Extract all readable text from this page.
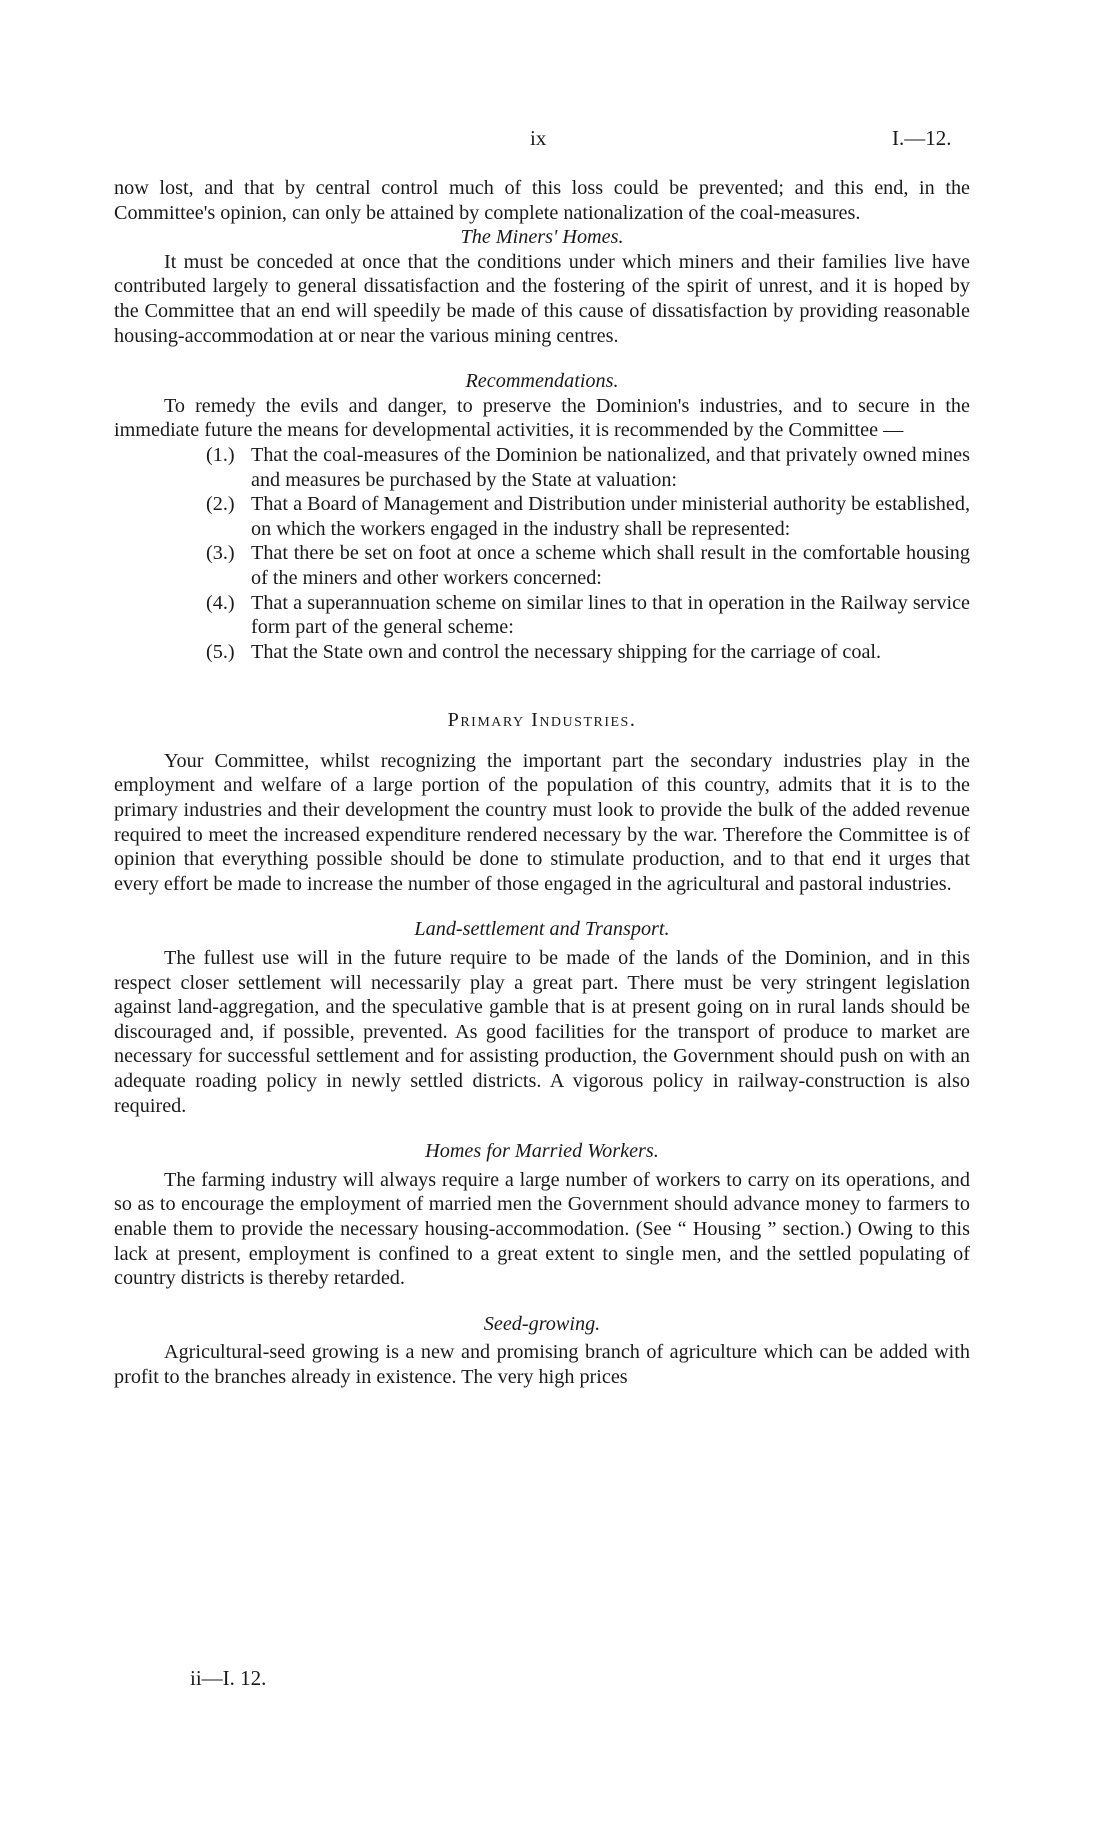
ix	I.—12.

now lost, and that by central control much of this loss could be prevented; and this end, in the Committee's opinion, can only be attained by complete nationalization of the coal-measures.

The Miners' Homes.

It must be conceded at once that the conditions under which miners and their families live have contributed largely to general dissatisfaction and the fostering of the spirit of unrest, and it is hoped by the Committee that an end will speedily be made of this cause of dissatisfaction by providing reasonable housing-accommodation at or near the various mining centres.

Recommendations.

To remedy the evils and danger, to preserve the Dominion's industries, and to secure in the immediate future the means for developmental activities, it is recommended by the Committee —

(1.) That the coal-measures of the Dominion be nationalized, and that privately owned mines and measures be purchased by the State at valuation:
(2.) That a Board of Management and Distribution under ministerial authority be established, on which the workers engaged in the industry shall be represented:
(3.) That there be set on foot at once a scheme which shall result in the comfortable housing of the miners and other workers concerned:
(4.) That a superannuation scheme on similar lines to that in operation in the Railway service form part of the general scheme:
(5.) That the State own and control the necessary shipping for the carriage of coal.

Primary Industries.

Your Committee, whilst recognizing the important part the secondary industries play in the employment and welfare of a large portion of the population of this country, admits that it is to the primary industries and their development the country must look to provide the bulk of the added revenue required to meet the increased expenditure rendered necessary by the war. Therefore the Committee is of opinion that everything possible should be done to stimulate production, and to that end it urges that every effort be made to increase the number of those engaged in the agricultural and pastoral industries.

Land-settlement and Transport.

The fullest use will in the future require to be made of the lands of the Dominion, and in this respect closer settlement will necessarily play a great part. There must be very stringent legislation against land-aggregation, and the speculative gamble that is at present going on in rural lands should be discouraged and, if possible, prevented. As good facilities for the transport of produce to market are necessary for successful settlement and for assisting production, the Government should push on with an adequate roading policy in newly settled districts. A vigorous policy in railway-construction is also required.

Homes for Married Workers.

The farming industry will always require a large number of workers to carry on its operations, and so as to encourage the employment of married men the Government should advance money to farmers to enable them to provide the necessary housing-accommodation. (See “ Housing ” section.) Owing to this lack at present, employment is confined to a great extent to single men, and the settled populating of country districts is thereby retarded.

Seed-growing.

Agricultural-seed growing is a new and promising branch of agriculture which can be added with profit to the branches already in existence. The very high prices

ii—I. 12.
